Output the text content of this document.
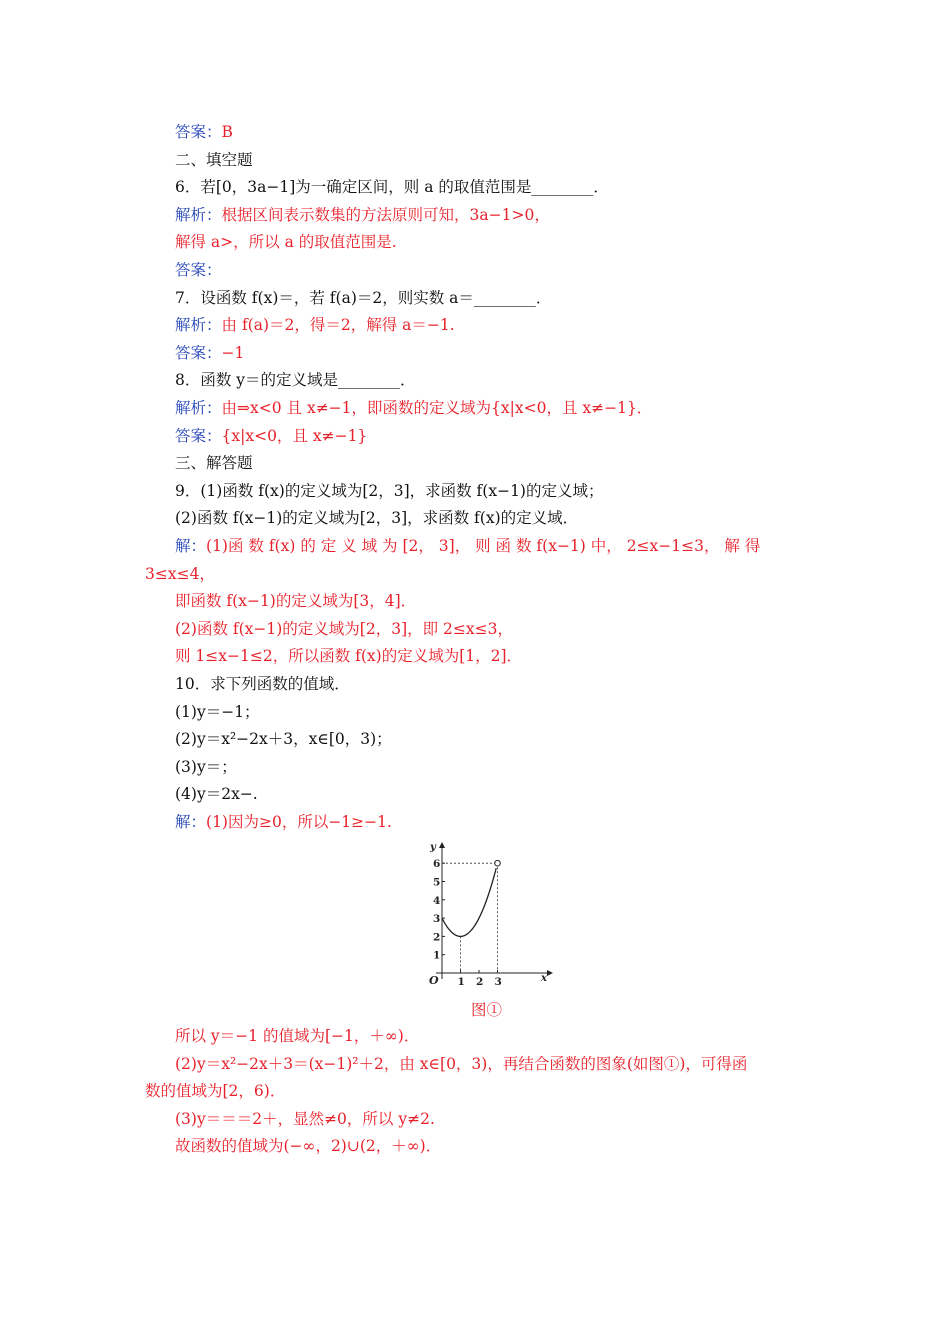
答案：B
二、填空题
6．若[0，3a−1]为一确定区间，则 a 的取值范围是________．
解析：根据区间表示数集的方法原则可知，3a−1>0，
解得 a>，所以 a 的取值范围是.
答案：
7．设函数 f(x)＝，若 f(a)＝2，则实数 a＝________．
解析：由 f(a)＝2，得＝2，解得 a＝−1.
答案：−1
8．函数 y＝的定义域是________．
解析：由⇒x<0 且 x≠−1，即函数的定义域为{x|x<0，且 x≠−1}．
答案：{x|x<0，且 x≠−1}
三、解答题
9．(1)函数 f(x)的定义域为[2，3]，求函数 f(x−1)的定义域；
(2)函数 f(x−1)的定义域为[2，3]，求函数 f(x)的定义域．
解：(1)函 数 f(x) 的 定 义 域 为 [2， 3]， 则 函 数 f(x−1) 中， 2≤x−1≤3， 解 得
3≤x≤4，
即函数 f(x−1)的定义域为[3，4]．
(2)函数 f(x−1)的定义域为[2，3]，即 2≤x≤3，
则 1≤x−1≤2，所以函数 f(x)的定义域为[1，2]．
10．求下列函数的值域．
(1)y＝−1；
(2)y＝x²−2x＋3，x∈[0，3)；
(3)y＝；
(4)y＝2x−.
解：(1)因为≥0，所以−1≥−1.
y
x
O
1
2
3
4
5
6
1 2 3
图①
所以 y＝−1 的值域为[−1，＋∞)．
(2)y＝x²−2x＋3＝(x−1)²＋2，由 x∈[0，3)，再结合函数的图象(如图①)，可得函
数的值域为[2，6)．
(3)y＝＝＝2＋，显然≠0，所以 y≠2.
故函数的值域为(−∞，2)∪(2，＋∞)．
